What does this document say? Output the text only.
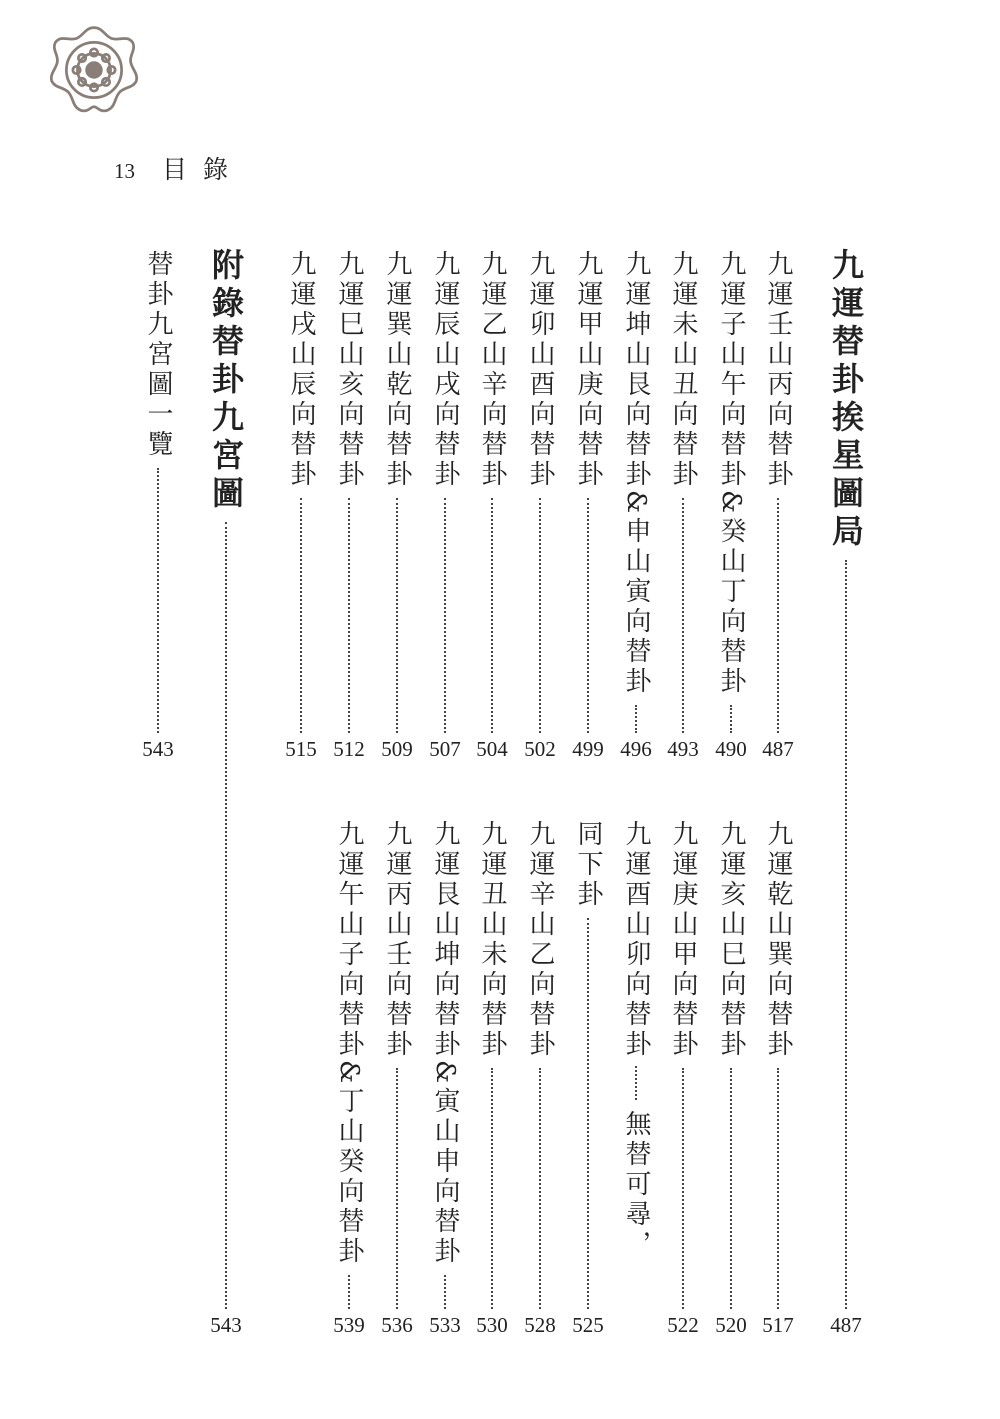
13 目錄
九運替卦挨星圖局
487
九運壬山丙向替卦
487
九運子山午向替卦&癸山丁向替卦
490
九運未山丑向替卦
493
九運坤山艮向替卦&申山寅向替卦
496
九運甲山庚向替卦
499
九運卯山酉向替卦
502
九運乙山辛向替卦
504
九運辰山戌向替卦
507
九運巽山乾向替卦
509
九運巳山亥向替卦
512
九運戌山辰向替卦
515
附錄替卦九宮圖
543
替卦九宮圖一覽
543
九運乾山巽向替卦
517
九運亥山巳向替卦
520
九運庚山甲向替卦
522
九運酉山卯向替卦
無替可尋，
同下卦
525
九運辛山乙向替卦
528
九運丑山未向替卦
530
九運艮山坤向替卦&寅山申向替卦
533
九運丙山壬向替卦
536
九運午山子向替卦&丁山癸向替卦
539
